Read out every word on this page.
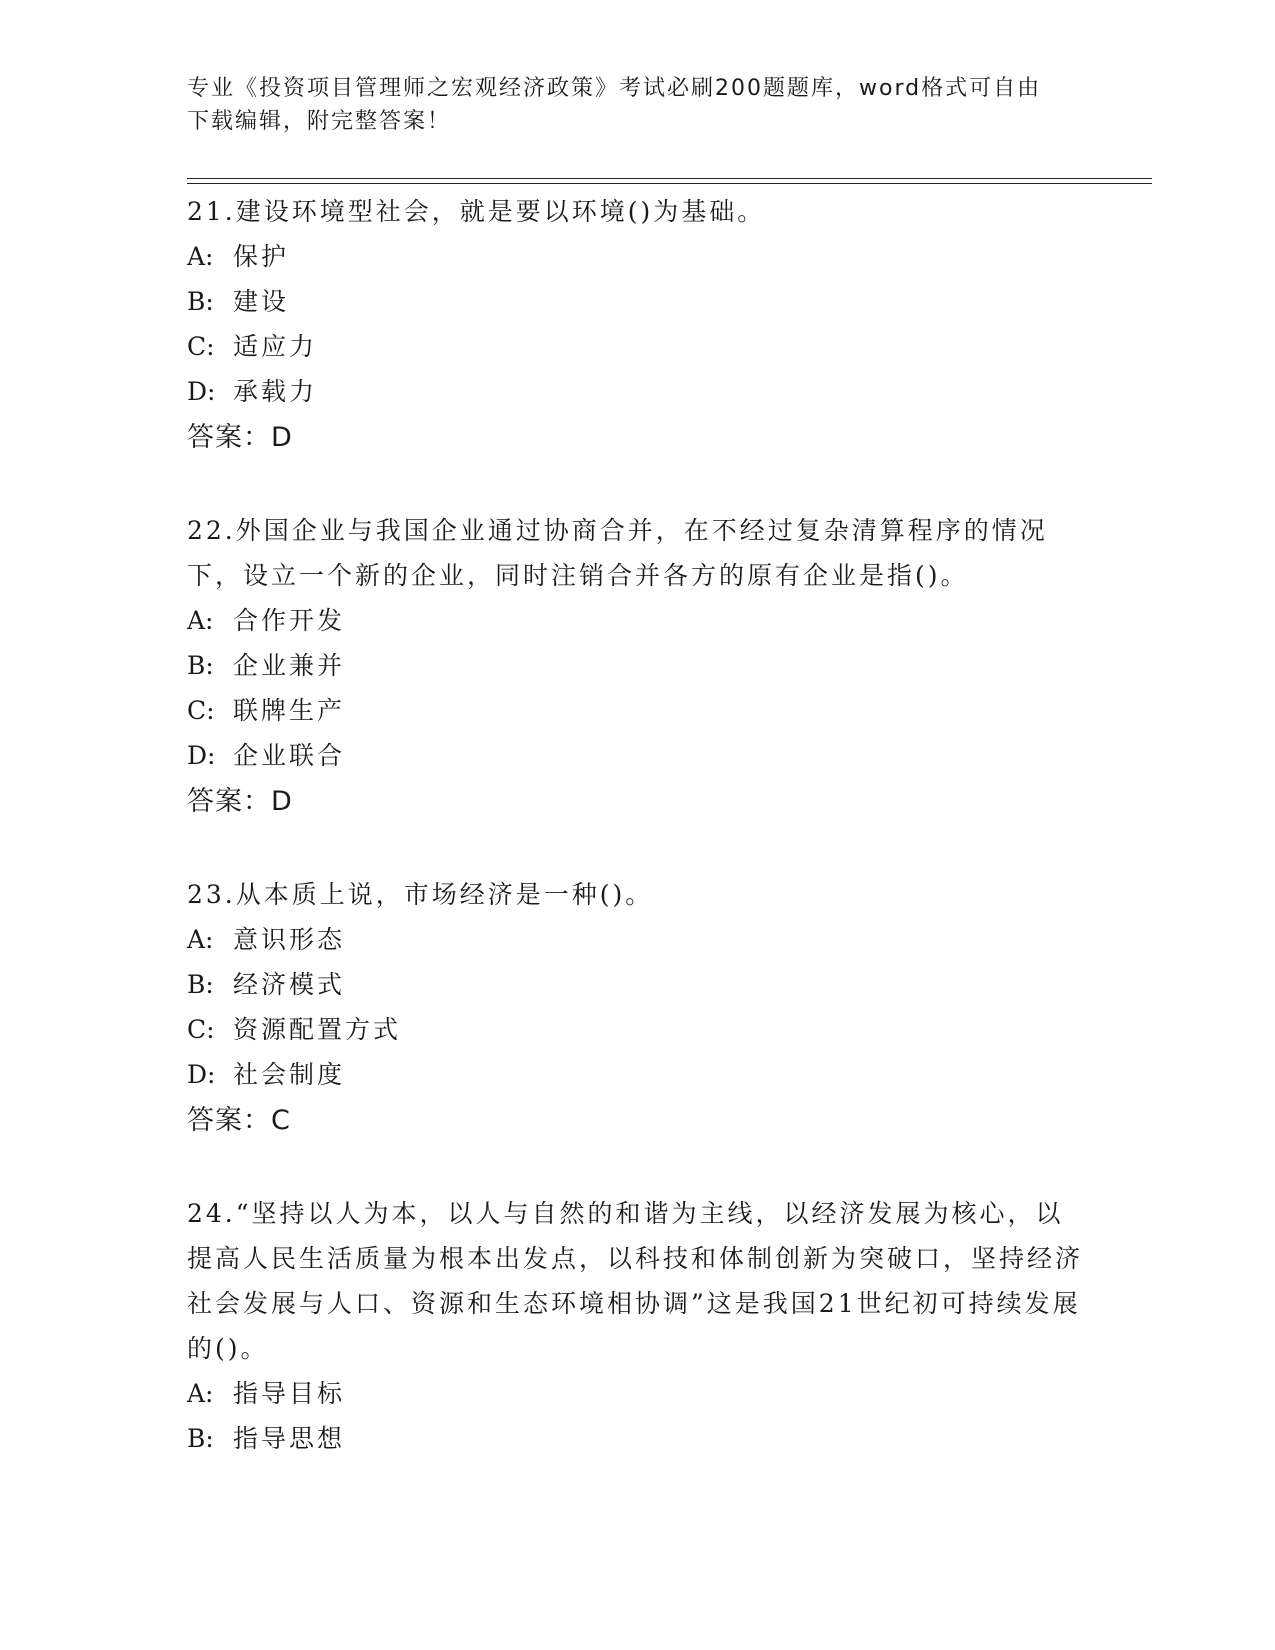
专业《投资项目管理师之宏观经济政策》考试必刷200题题库，word格式可自由
下载编辑，附完整答案！

21.建设环境型社会，就是要以环境()为基础。

A: 保护
B: 建设
C: 适应力
D: 承载力
答案：D

22.外国企业与我国企业通过协商合并，在不经过复杂清算程序的情况下，设立一个新的企业，同时注销合并各方的原有企业是指()。

A: 合作开发
B: 企业兼并
C: 联牌生产
D: 企业联合
答案：D

23.从本质上说，市场经济是一种()。

A: 意识形态
B: 经济模式
C: 资源配置方式
D: 社会制度
答案：C

24.“坚持以人为本，以人与自然的和谐为主线，以经济发展为核心，以提高人民生活质量为根本出发点，以科技和体制创新为突破口，坚持经济社会发展与人口、资源和生态环境相协调”这是我国21世纪初可持续发展的()。

A: 指导目标
B: 指导思想
